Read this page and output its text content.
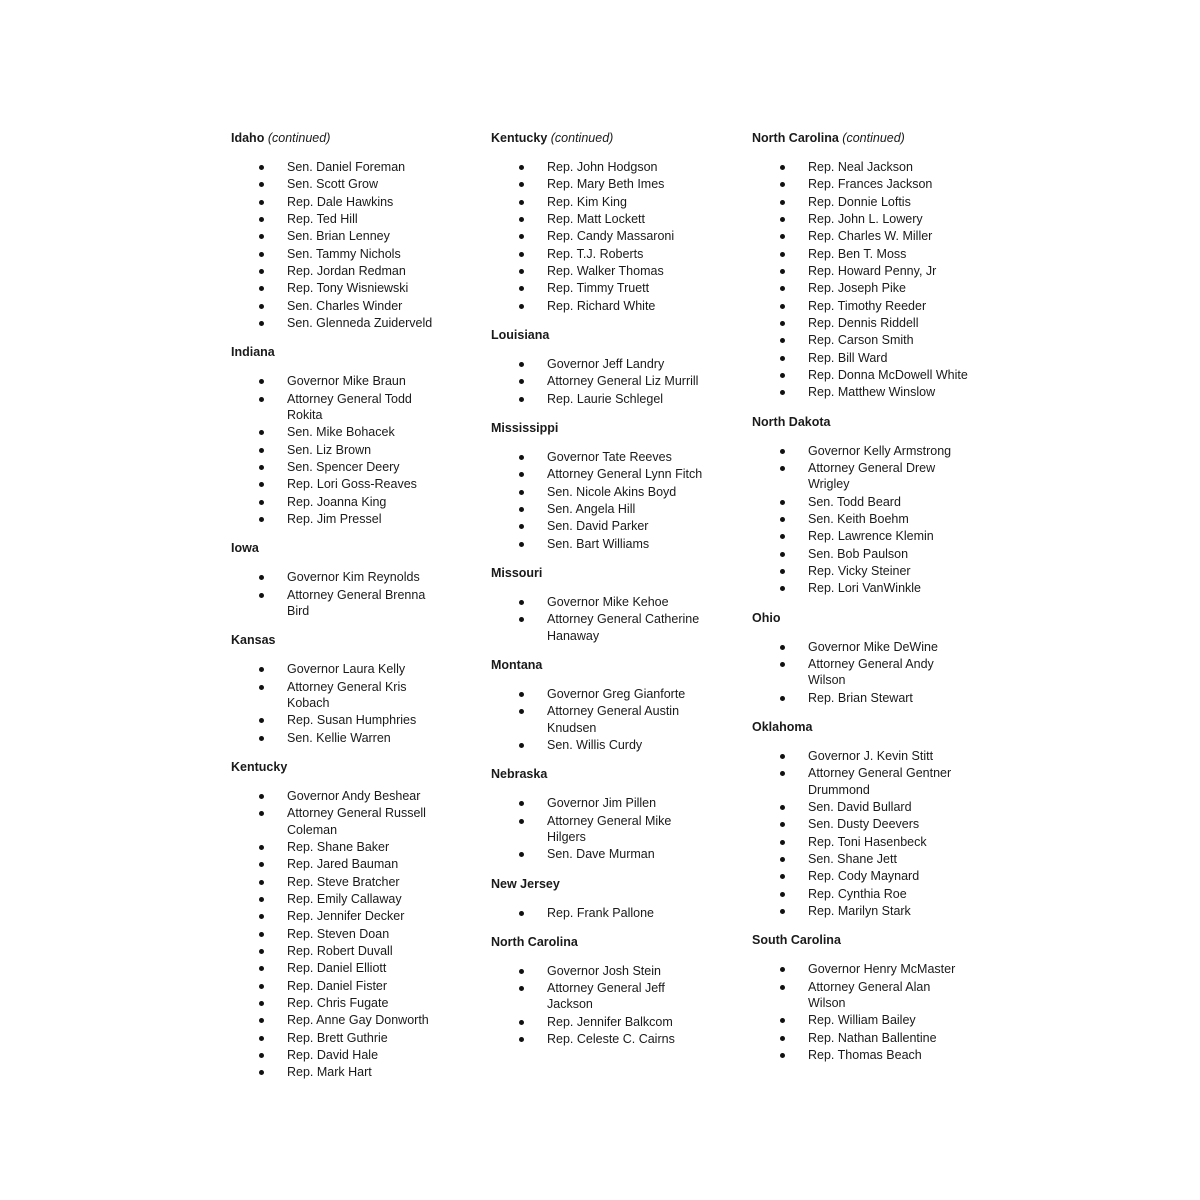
Idaho (continued)
Sen. Daniel Foreman
Sen. Scott Grow
Rep. Dale Hawkins
Rep. Ted Hill
Sen. Brian Lenney
Sen. Tammy Nichols
Rep. Jordan Redman
Rep. Tony Wisniewski
Sen. Charles Winder
Sen. Glenneda Zuiderveld
Indiana
Governor Mike Braun
Attorney General Todd Rokita
Sen. Mike Bohacek
Sen. Liz Brown
Sen. Spencer Deery
Rep. Lori Goss-Reaves
Rep. Joanna King
Rep. Jim Pressel
Iowa
Governor Kim Reynolds
Attorney General Brenna Bird
Kansas
Governor Laura Kelly
Attorney General Kris Kobach
Rep. Susan Humphries
Sen. Kellie Warren
Kentucky
Governor Andy Beshear
Attorney General Russell Coleman
Rep. Shane Baker
Rep. Jared Bauman
Rep. Steve Bratcher
Rep. Emily Callaway
Rep. Jennifer Decker
Rep. Steven Doan
Rep. Robert Duvall
Rep. Daniel Elliott
Rep. Daniel Fister
Rep. Chris Fugate
Rep. Anne Gay Donworth
Rep. Brett Guthrie
Rep. David Hale
Rep. Mark Hart
Kentucky (continued)
Rep. John Hodgson
Rep. Mary Beth Imes
Rep. Kim King
Rep. Matt Lockett
Rep. Candy Massaroni
Rep. T.J. Roberts
Rep. Walker Thomas
Rep. Timmy Truett
Rep. Richard White
Louisiana
Governor Jeff Landry
Attorney General Liz Murrill
Rep. Laurie Schlegel
Mississippi
Governor Tate Reeves
Attorney General Lynn Fitch
Sen. Nicole Akins Boyd
Sen. Angela Hill
Sen. David Parker
Sen. Bart Williams
Missouri
Governor Mike Kehoe
Attorney General Catherine Hanaway
Montana
Governor Greg Gianforte
Attorney General Austin Knudsen
Sen. Willis Curdy
Nebraska
Governor Jim Pillen
Attorney General Mike Hilgers
Sen. Dave Murman
New Jersey
Rep. Frank Pallone
North Carolina
Governor Josh Stein
Attorney General Jeff Jackson
Rep. Jennifer Balkcom
Rep. Celeste C. Cairns
North Carolina (continued)
Rep. Neal Jackson
Rep. Frances Jackson
Rep. Donnie Loftis
Rep. John L. Lowery
Rep. Charles W. Miller
Rep. Ben T. Moss
Rep. Howard Penny, Jr
Rep. Joseph Pike
Rep. Timothy Reeder
Rep. Dennis Riddell
Rep. Carson Smith
Rep. Bill Ward
Rep. Donna McDowell White
Rep. Matthew Winslow
North Dakota
Governor Kelly Armstrong
Attorney General Drew Wrigley
Sen. Todd Beard
Sen. Keith Boehm
Rep. Lawrence Klemin
Sen. Bob Paulson
Rep. Vicky Steiner
Rep. Lori VanWinkle
Ohio
Governor Mike DeWine
Attorney General Andy Wilson
Rep. Brian Stewart
Oklahoma
Governor J. Kevin Stitt
Attorney General Gentner Drummond
Sen. David Bullard
Sen. Dusty Deevers
Rep. Toni Hasenbeck
Sen. Shane Jett
Rep. Cody Maynard
Rep. Cynthia Roe
Rep. Marilyn Stark
South Carolina
Governor Henry McMaster
Attorney General Alan Wilson
Rep. William Bailey
Rep. Nathan Ballentine
Rep. Thomas Beach
